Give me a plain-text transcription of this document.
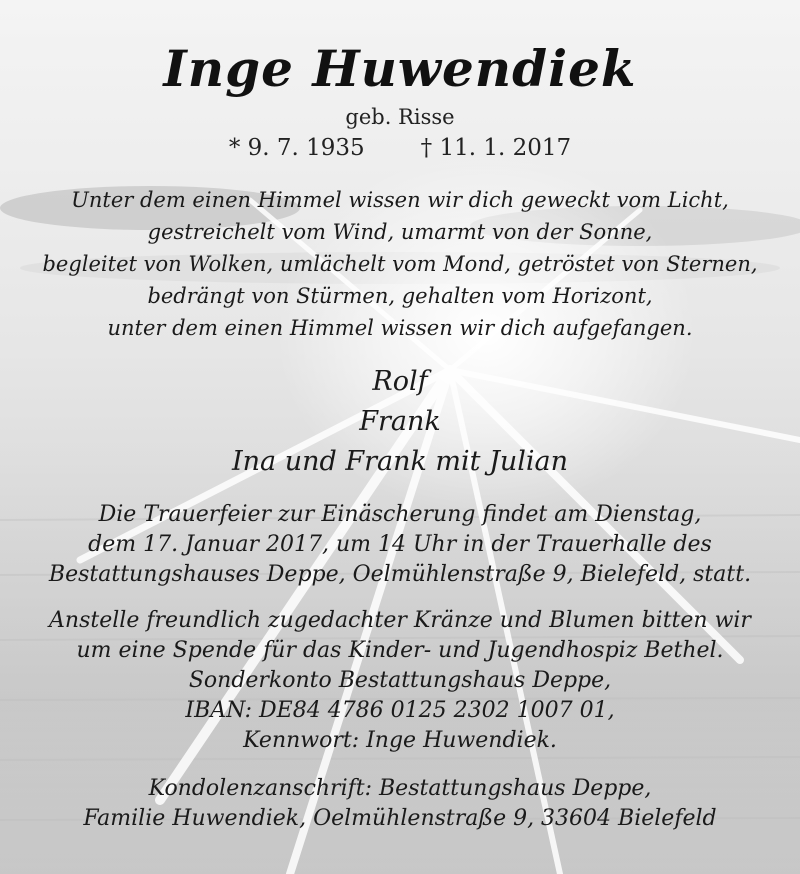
Inge Huwendiek
geb. Risse
* 9. 7. 1935 † 11. 1. 2017
Unter dem einen Himmel wissen wir dich geweckt vom Licht,
gestreichelt vom Wind, umarmt von der Sonne,
begleitet von Wolken, umlächelt vom Mond, getröstet von Sternen,
bedrängt von Stürmen, gehalten vom Horizont,
unter dem einen Himmel wissen wir dich aufgefangen.
Rolf
Frank
Ina und Frank mit Julian
Die Trauerfeier zur Einäscherung findet am Dienstag,
dem 17. Januar 2017, um 14 Uhr in der Trauerhalle des
Bestattungshauses Deppe, Oelmühlenstraße 9, Bielefeld, statt.
Anstelle freundlich zugedachter Kränze und Blumen bitten wir
um eine Spende für das Kinder- und Jugendhospiz Bethel.
Sonderkonto Bestattungshaus Deppe,
IBAN: DE84 4786 0125 2302 1007 01,
Kennwort: Inge Huwendiek.
Kondolenzanschrift: Bestattungshaus Deppe,
Familie Huwendiek, Oelmühlenstraße 9, 33604 Bielefeld
